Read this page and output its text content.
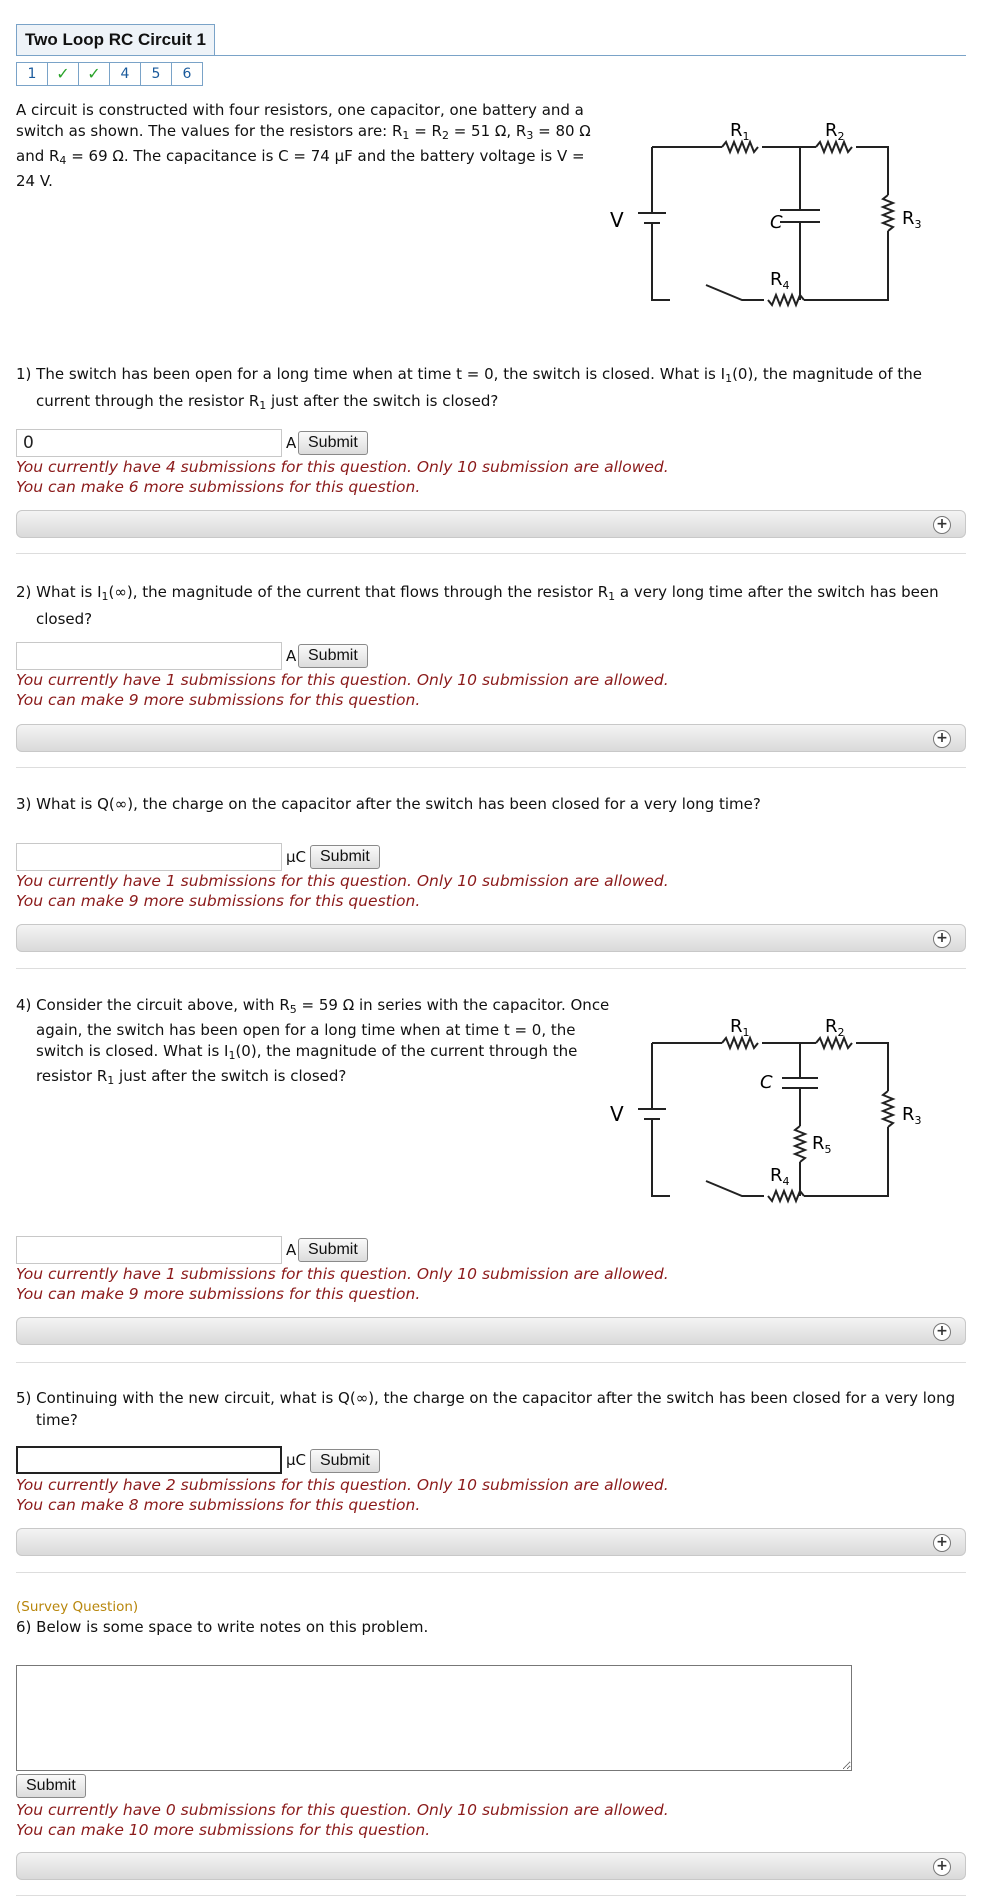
Two Loop RC Circuit 1
1	✓	✓	4	5	6
A circuit is constructed with four resistors, one capacitor, one battery and a switch as shown. The values for the resistors are: $R_1 = R_2 = 51$ Ω, $R_3 = 80$ Ω and $R_4 = 69$ Ω. The capacitance is C = 74 μF and the battery voltage is V = 24 V.
V	C
$R_1$	$R_2$
$R_3$
$R_4$
1) The switch has been open for a long time when at time t = 0, the switch is closed. What is $I_1(0)$, the magnitude of the current through the resistor $R_1$ just after the switch is closed?
0
A Submit
You currently have 4 submissions for this question. Only 10 submission are allowed.
You can make 6 more submissions for this question.
+
2) What is $I_1(\infty)$, the magnitude of the current that flows through the resistor $R_1$ a very long time after the switch has been closed?
A Submit
You currently have 1 submissions for this question. Only 10 submission are allowed.
You can make 9 more submissions for this question.
+
3) What is Q(∞), the charge on the capacitor after the switch has been closed for a very long time?
μC Submit
You currently have 1 submissions for this question. Only 10 submission are allowed.
You can make 9 more submissions for this question.
+
4) Consider the circuit above, with $R_5 = 59$ Ω in series with the capacitor. Once again, the switch has been open for a long time when at time t = 0, the switch is closed. What is $I_1(0)$, the magnitude of the current through the resistor $R_1$ just after the switch is closed?
V
C
$R_1$	$R_2$
$R_3$
$R_4$
$R_5$
A Submit
You currently have 1 submissions for this question. Only 10 submission are allowed.
You can make 9 more submissions for this question.
+
5) Continuing with the new circuit, what is Q(∞), the charge on the capacitor after the switch has been closed for a very long time?
μC Submit
You currently have 2 submissions for this question. Only 10 submission are allowed.
You can make 8 more submissions for this question.
+
(Survey Question)
6) Below is some space to write notes on this problem.
Submit
You currently have 0 submissions for this question. Only 10 submission are allowed.
You can make 10 more submissions for this question.
+
